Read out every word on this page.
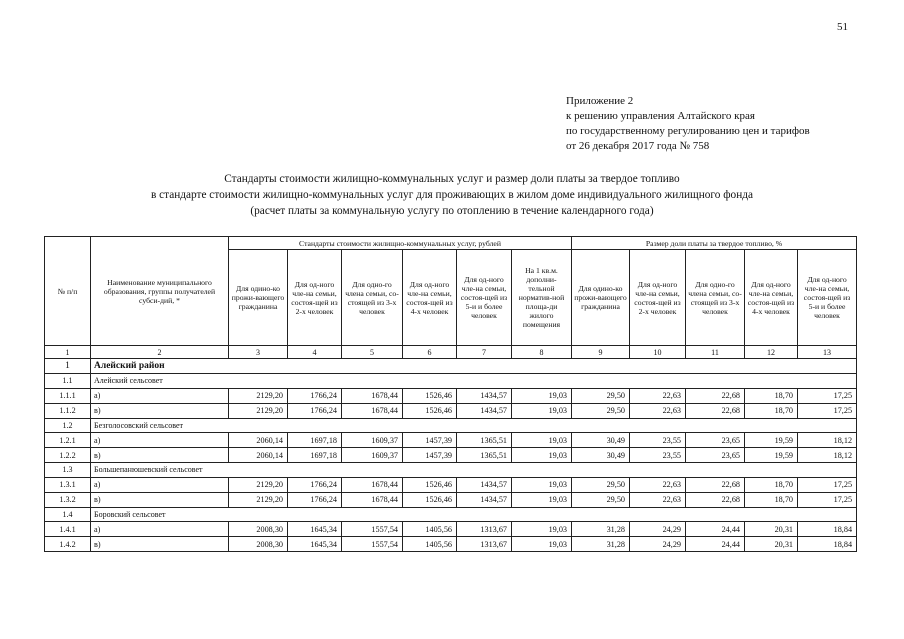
51
Приложение 2
к решению управления Алтайского края
по государственному регулированию цен и тарифов
от 26 декабря 2017 года № 758
Стандарты стоимости жилищно-коммунальных услуг и размер доли платы за твердое топливо
в стандарте стоимости жилищно-коммунальных услуг для проживающих в жилом доме индивидуального жилищного фонда
(расчет платы за коммунальную услугу по отоплению в течение календарного года)
№ п/п	Наименование муниципального образования, группы получателей субси-дий, *	Стандарты стоимости жилищно-коммунальных услуг, рублей						Размер доли платы за твердое топливо, %				
		Для одино-ко прожи-вающего гражданина	Для од-ного чле-на семьи, состоя-щей из 2-х человек	Для одно-го члена семьи, со-стоящей из 3-х человек	Для од-ного чле-на семьи, состоя-щей из 4-х человек	Для од-ного чле-на семьи, состоя-щей из 5-и и более человек	На 1 кв.м. дополни-тельной норматив-ной площа-ди жилого помещения	Для одино-ко прожи-вающего гражданина	Для од-ного чле-на семьи, состоя-щей из 2-х человек	Для одно-го члена семьи, со-стоящей из 3-х человек	Для од-ного чле-на семьи, состоя-щей из 4-х человек	Для од-ного чле-на семьи, состоя-щей из 5-и и более человек
1	2	3	4	5	6	7	8	9	10	11	12	13
1	Алейский район											
1.1	Алейский сельсовет											
1.1.1	а)	2129,20	1766,24	1678,44	1526,46	1434,57	19,03	29,50	22,63	22,68	18,70	17,25
1.1.2	в)	2129,20	1766,24	1678,44	1526,46	1434,57	19,03	29,50	22,63	22,68	18,70	17,25
1.2	Безголосовский сельсовет											
1.2.1	а)	2060,14	1697,18	1609,37	1457,39	1365,51	19,03	30,49	23,55	23,65	19,59	18,12
1.2.2	в)	2060,14	1697,18	1609,37	1457,39	1365,51	19,03	30,49	23,55	23,65	19,59	18,12
1.3	Большепанюшевский сельсовет											
1.3.1	а)	2129,20	1766,24	1678,44	1526,46	1434,57	19,03	29,50	22,63	22,68	18,70	17,25
1.3.2	в)	2129,20	1766,24	1678,44	1526,46	1434,57	19,03	29,50	22,63	22,68	18,70	17,25
1.4	Боровский сельсовет											
1.4.1	а)	2008,30	1645,34	1557,54	1405,56	1313,67	19,03	31,28	24,29	24,44	20,31	18,84
1.4.2	в)	2008,30	1645,34	1557,54	1405,56	1313,67	19,03	31,28	24,29	24,44	20,31	18,84
